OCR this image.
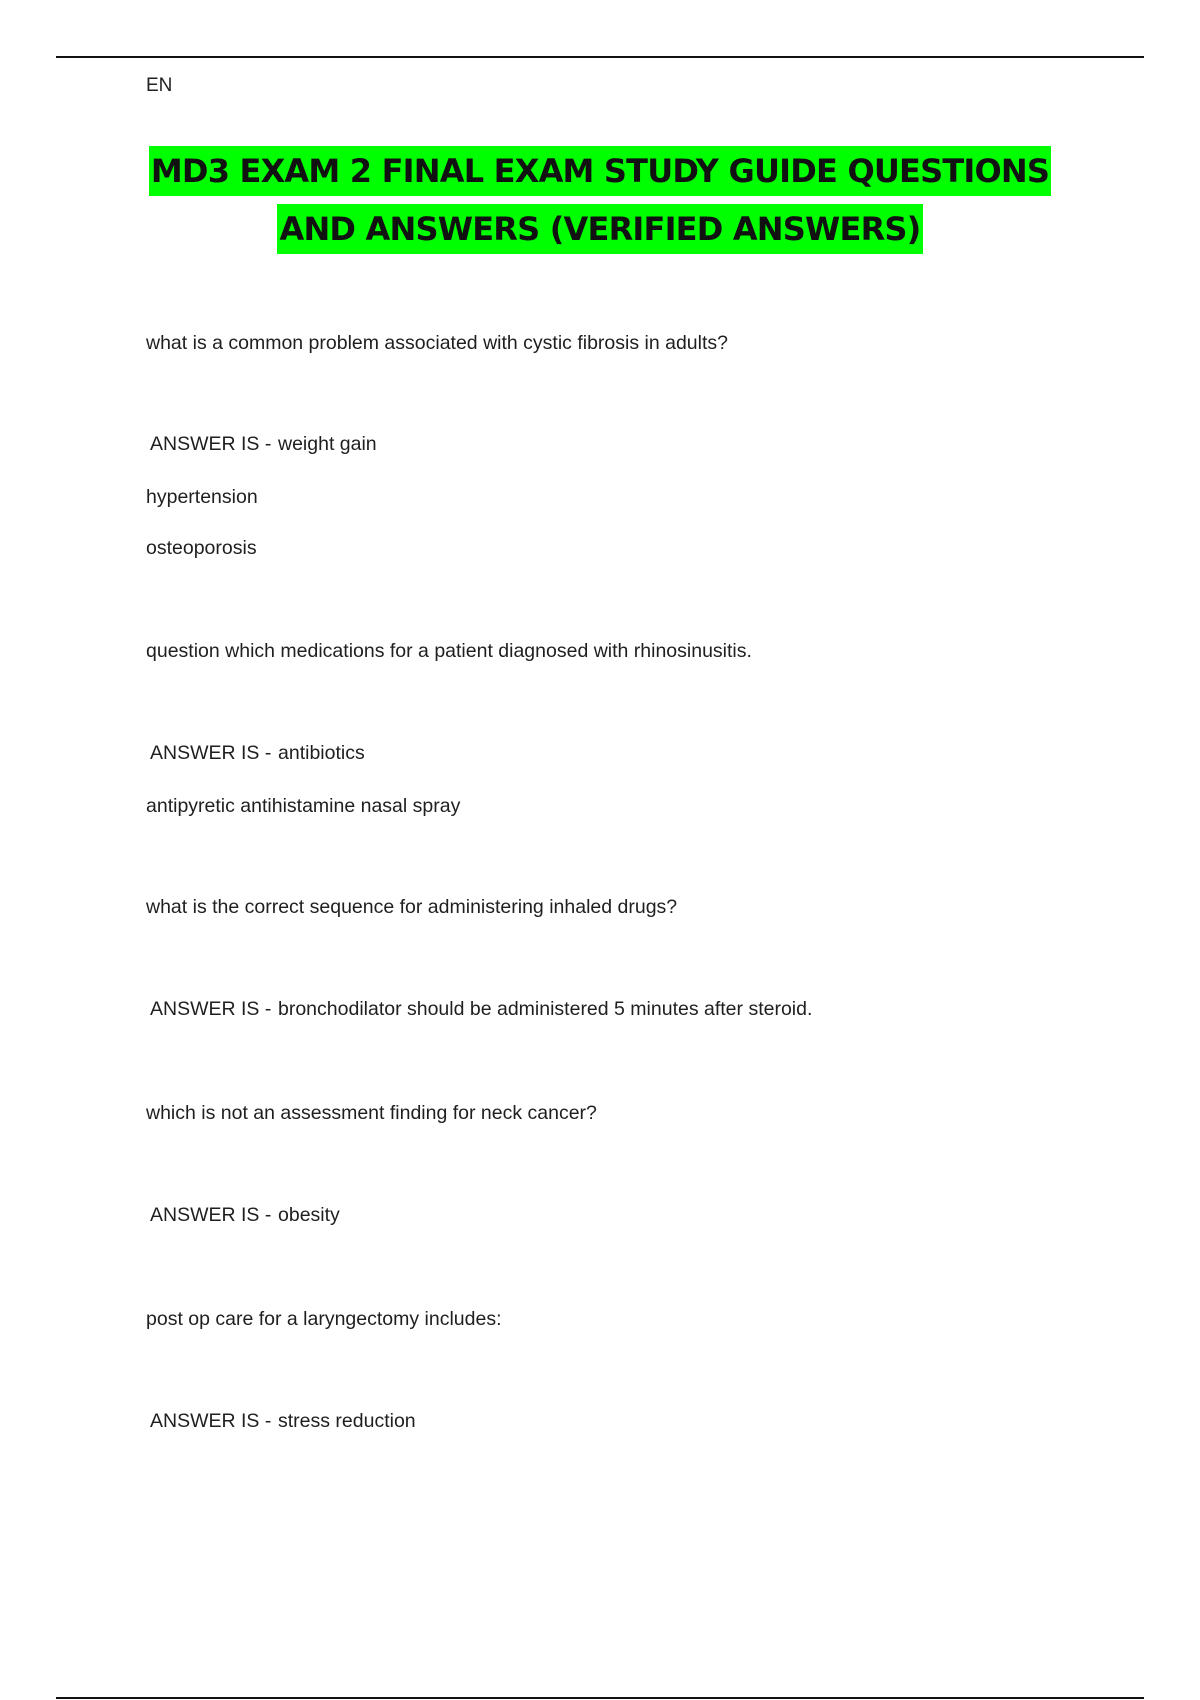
EN
MD3 EXAM 2 FINAL EXAM STUDY GUIDE QUESTIONS
AND ANSWERS (VERIFIED ANSWERS)
what is a common problem associated with cystic fibrosis in adults?
ANSWER IS - weight gain
hypertension
osteoporosis
question which medications for a patient diagnosed with rhinosinusitis.
ANSWER IS - antibiotics
antipyretic antihistamine nasal spray
what is the correct sequence for administering inhaled drugs?
ANSWER IS - bronchodilator should be administered 5 minutes after steroid.
which is not an assessment finding for neck cancer?
ANSWER IS - obesity
post op care for a laryngectomy includes:
ANSWER IS - stress reduction
